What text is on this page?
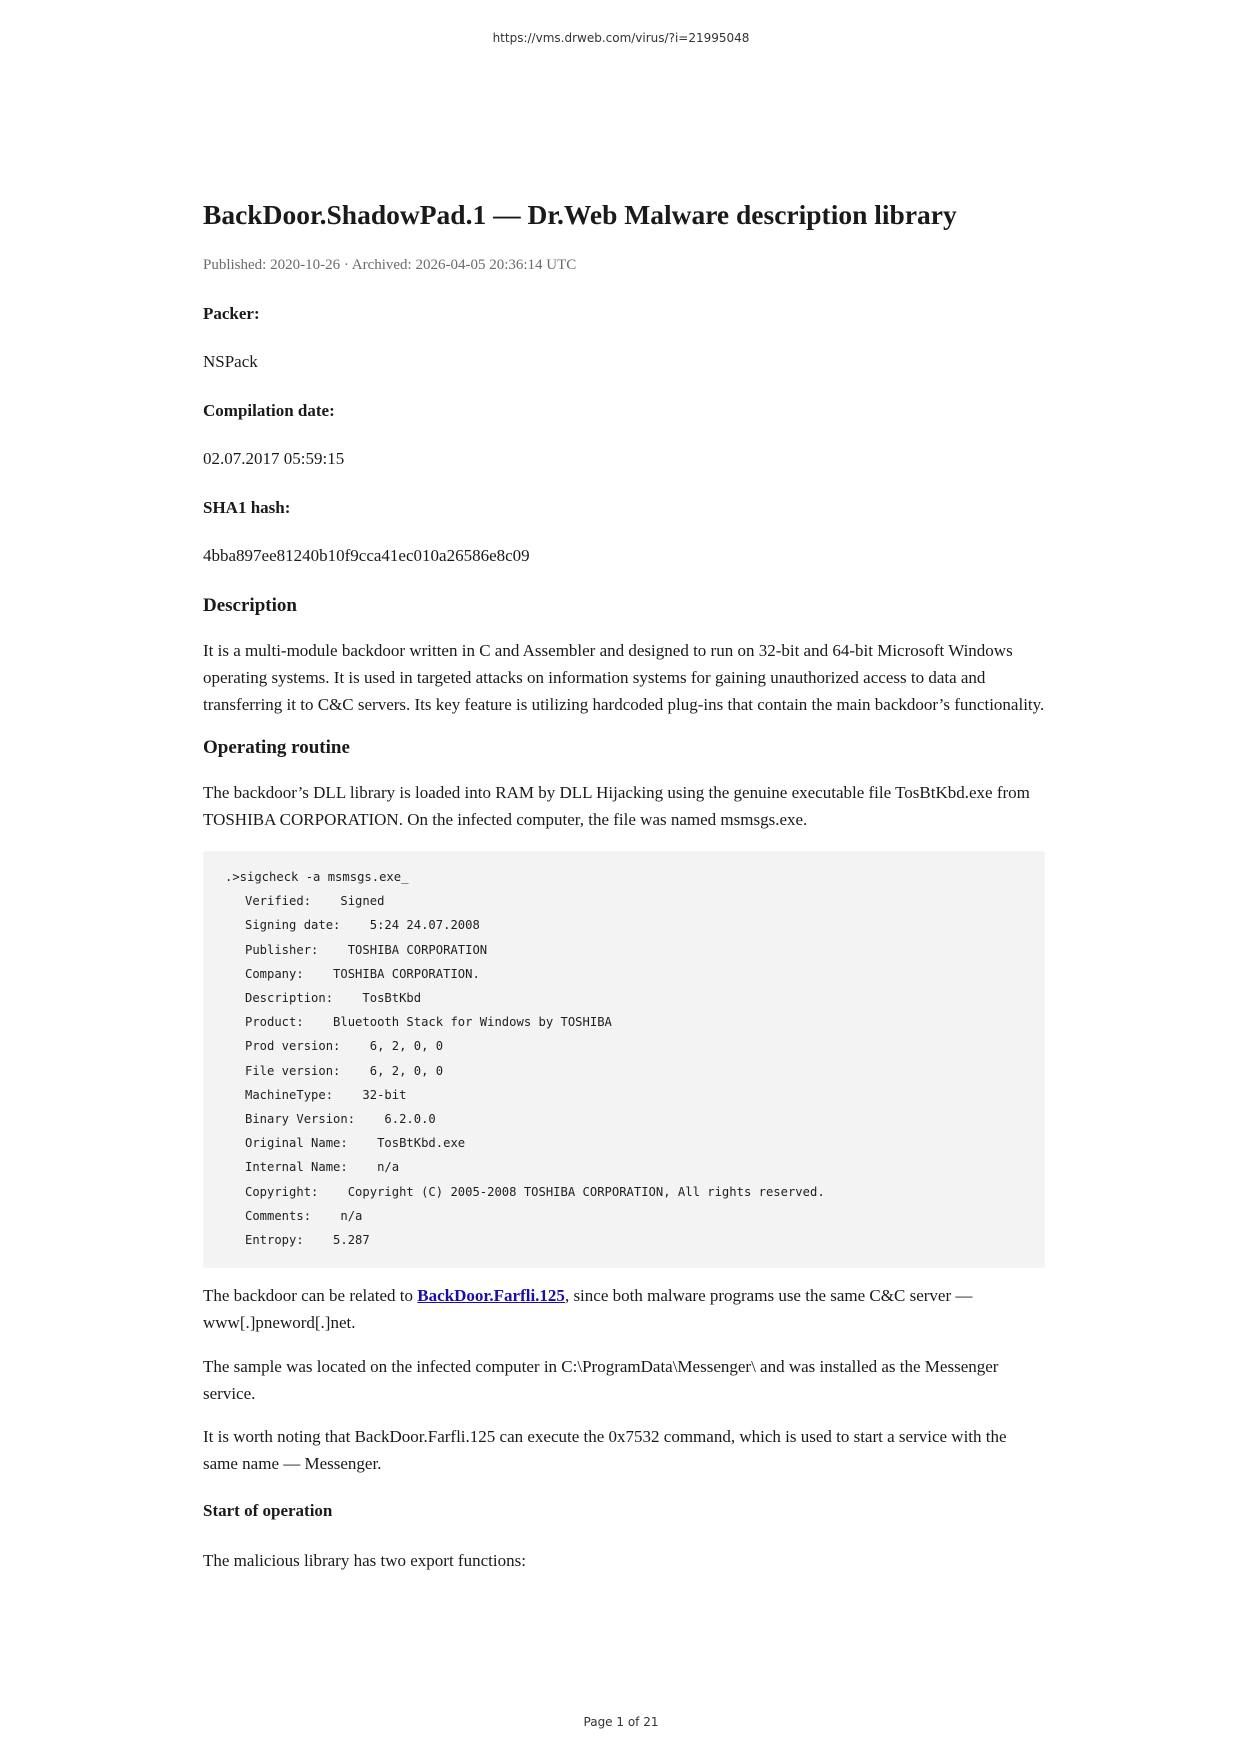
https://vms.drweb.com/virus/?i=21995048
BackDoor.ShadowPad.1 — Dr.Web Malware description library
Published: 2020-10-26 · Archived: 2026-04-05 20:36:14 UTC
Packer:
NSPack
Compilation date:
02.07.2017 05:59:15
SHA1 hash:
4bba897ee81240b10f9cca41ec010a26586e8c09
Description

It is a multi-module backdoor written in C and Assembler and designed to run on 32-bit and 64-bit Microsoft Windows operating systems. It is used in targeted attacks on information systems for gaining unauthorized access to data and transferring it to C&C servers. Its key feature is utilizing hardcoded plug-ins that contain the main backdoor’s functionality.

Operating routine

The backdoor’s DLL library is loaded into RAM by DLL Hijacking using the genuine executable file TosBtKbd.exe from TOSHIBA CORPORATION. On the infected computer, the file was named msmsgs.exe.

.>sigcheck -a msmsgs.exe_
Verified:    Signed
Signing date:    5:24 24.07.2008
Publisher:    TOSHIBA CORPORATION
Company:    TOSHIBA CORPORATION.
Description:    TosBtKbd
Product:    Bluetooth Stack for Windows by TOSHIBA
Prod version:    6, 2, 0, 0
File version:    6, 2, 0, 0
MachineType:    32-bit
Binary Version:    6.2.0.0
Original Name:    TosBtKbd.exe
Internal Name:    n/a
Copyright:    Copyright (C) 2005-2008 TOSHIBA CORPORATION, All rights reserved.
Comments:    n/a
Entropy:    5.287

The backdoor can be related to BackDoor.Farfli.125, since both malware programs use the same C&C server — www[.]pneword[.]net.

The sample was located on the infected computer in C:\ProgramData\Messenger\ and was installed as the Messenger service.

It is worth noting that BackDoor.Farfli.125 can execute the 0x7532 command, which is used to start a service with the same name — Messenger.

Start of operation

The malicious library has two export functions:

Page 1 of 21
